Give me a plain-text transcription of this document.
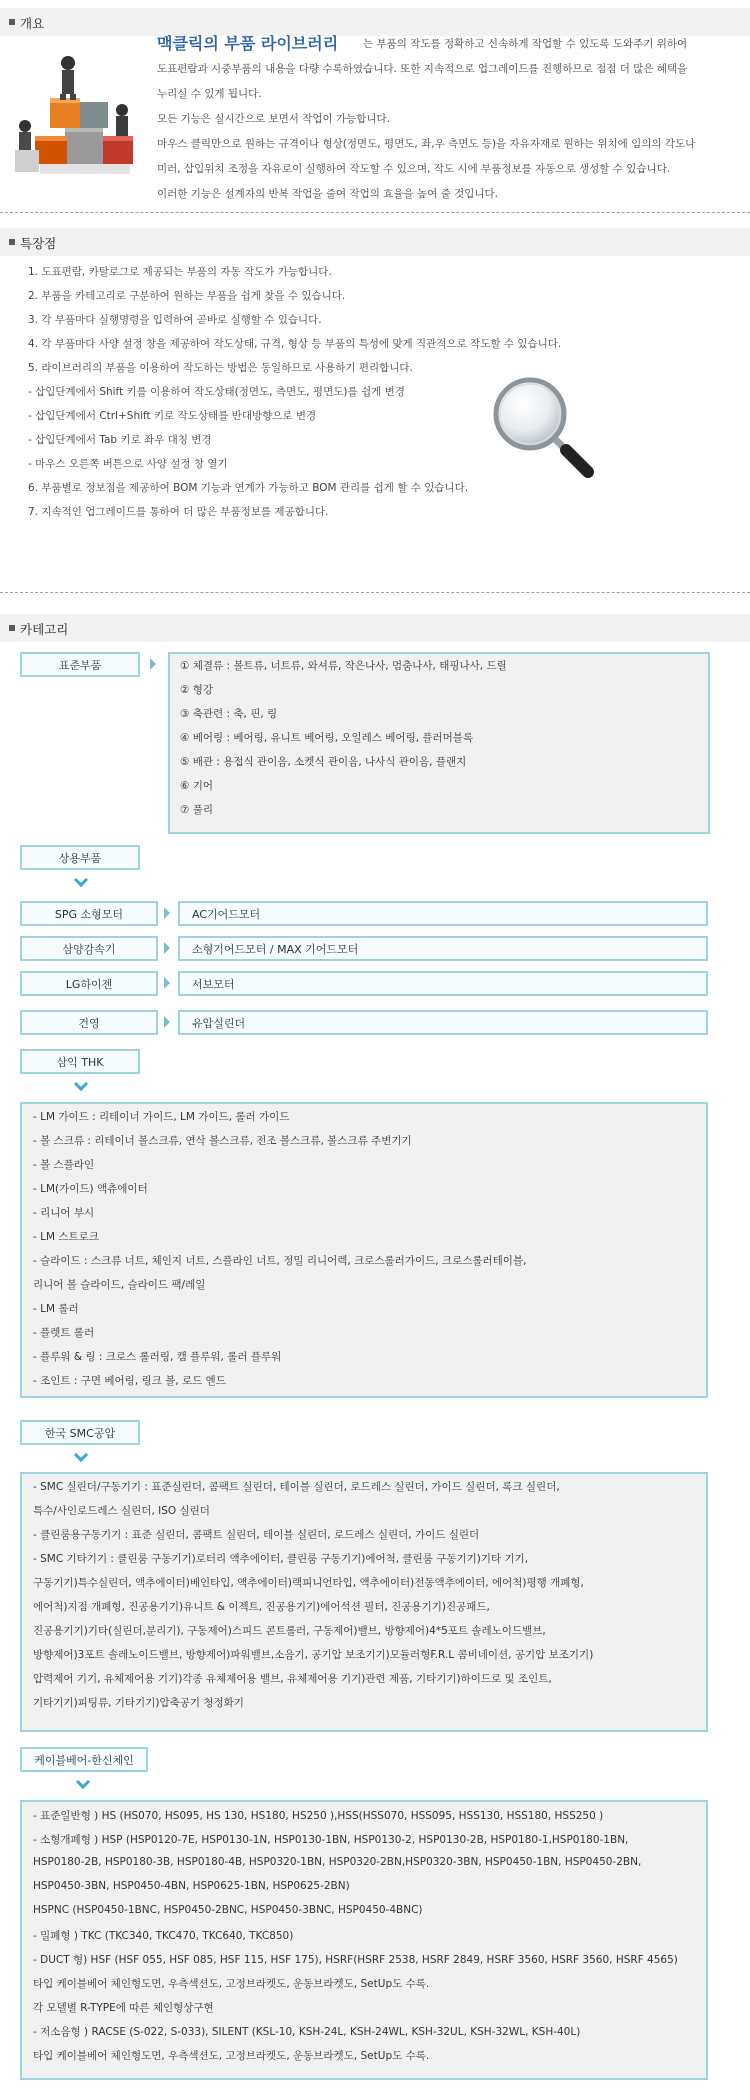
개요
맥클릭의 부품 라이브러리 는 부품의 작도를 정확하고 신속하게 작업할 수 있도록 도와주기 위하여
도표편람과 시중부품의 내용을 다량 수록하였습니다. 또한 지속적으로 업그레이드를 진행하므로 점점 더 많은 혜택을
누리실 수 있게 됩니다.
모든 기능은 실시간으로 보면서 작업이 가능합니다.
마우스 클릭만으로 원하는 규격이나 형상(정면도, 평면도, 좌,우 측면도 등)을 자유자재로 원하는 위치에 임의의 각도나
미러, 삽입위치 조정을 자유로이 실행하여 작도할 수 있으며, 작도 시에 부품정보를 자동으로 생성할 수 있습니다.
이러한 기능은 설계자의 반복 작업을 줄여 작업의 효율을 높여 줄 것입니다.
특장점
1. 도표편람, 카탈로그로 제공되는 부품의 자동 작도가 가능합니다.
2. 부품을 카테고리로 구분하여 원하는 부품을 쉽게 찾을 수 있습니다.
3. 각 부품마다 실행명령을 입력하여 곧바로 실행할 수 있습니다.
4. 각 부품마다 사양 설정 창을 제공하여 작도상태, 규격, 형상 등 부품의 특성에 맞게 직관적으로 작도할 수 있습니다.
5. 라이브러리의 부품을 이용하여 작도하는 방법은 동일하므로 사용하기 편리합니다.
- 삽입단계에서 Shift 키를 이용하여 작도상태(정면도, 측면도, 평면도)를 쉽게 변경
- 삽입단계에서 Ctrl+Shift 키로 작도상태를 반대방향으로 변경
- 삽입단계에서 Tab 키로 좌우 대칭 변경
- 마우스 오른쪽 버튼으로 사양 설정 창 열기
6. 부품별로 정보점을 제공하여 BOM 기능과 연계가 가능하고 BOM 관리를 쉽게 할 수 있습니다.
7. 지속적인 업그레이드를 통하여 더 많은 부품정보를 제공합니다.
카테고리
표준부품	① 체결류 : 볼트류, 너트류, 와셔류, 작은나사, 멈춤나사, 태핑나사, 드릴
② 형강
③ 축관련 : 축, 핀, 링
④ 베어링 : 베어링, 유니트 베어링, 오일레스 베어링, 플러머블록
⑤ 배관 : 용접식 관이음, 소켓식 관이음, 나사식 관이음, 플랜지
⑥ 기어
⑦ 풀리
상용부품
SPG 소형모터	AC기어드모터
삼양감속기	소형기어드모터 / MAX 기어드모터
LG하이젠	서보모터
건영	유압실린더
삼익 THK
- LM 가이드 : 리테이너 가이드, LM 가이드, 롤러 가이드
- 볼 스크류 : 리테이너 볼스크류, 연삭 볼스크류, 전조 볼스크류, 볼스크류 주변기기
- 볼 스플라인
- LM(가이드) 액츄에이터
- 리니어 부시
- LM 스트로크
- 슬라이드 : 스크류 너트, 체인지 너트, 스플라인 너트, 정밀 리니어렉, 크로스롤러가이드, 크로스롤러테이블,
리니어 볼 슬라이드, 슬라이드 팩/레일
- LM 롤러
- 플렛트 롤러
- 플루워 & 링 : 크로스 롤러링, 캠 플루워, 롤러 플루워
- 조인트 : 구면 베어링, 링크 볼, 로드 엔드
한국 SMC공압
- SMC 실린더/구동기기 : 표준실린더, 콤팩트 실린더, 테이블 실린더, 로드레스 실린더, 가이드 실린더, 록크 실린더,
특수/사인로드레스 실린더, ISO 실린더
- 클린룸용구동기기 : 표준 실린더, 콤팩트 실린더, 테이블 실린더, 로드레스 실린더, 가이드 실린더
- SMC 기타기기 : 클린룸 구동기기)로터리 액추에이터, 클린룸 구동기기)에어척, 클린룸 구동기기)기타 기기,
구동기기)특수실린더, 액추에이터)베인타입, 액추에이터)랙피니언타입, 액추에이터)전동액추에이터, 에어척)평행 개폐형,
에어척)지점 개폐형, 진공용기기)유니트 & 이젝트, 진공용기기)에어석션 필터, 진공용기기)진공패드,
진공용기기)기타(실린더,분리기), 구동제어)스피드 콘트롤러, 구동제어)밸브, 방향제어)4*5포트 솔레노이드밸브,
방향제어)3포트 솔레노이드밸브, 방향제어)파워밸브,소음기, 공기압 보조기기)모듈러형F.R.L 콤비네이션, 공기압 보조기기)
압력제어 기기, 유체제어용 기기)각종 유체제어용 밸브, 유체제어용 기기)관련 제품, 기타기기)하이드로 및 조인트,
기타기기)피팅류, 기타기기)압축공기 청정화기
케이블베어-한신체인
- 표준일반형 ) HS (HS070, HS095, HS 130, HS180, HS250 ),HSS(HSS070, HSS095, HSS130, HSS180, HSS250 )
- 소형개폐형 ) HSP (HSP0120-7E, HSP0130-1N, HSP0130-1BN, HSP0130-2, HSP0130-2B, HSP0180-1,HSP0180-1BN,
HSP0180-2B, HSP0180-3B, HSP0180-4B, HSP0320-1BN, HSP0320-2BN,HSP0320-3BN, HSP0450-1BN, HSP0450-2BN,
HSP0450-3BN, HSP0450-4BN, HSP0625-1BN, HSP0625-2BN)
HSPNC (HSP0450-1BNC, HSP0450-2BNC, HSP0450-3BNC, HSP0450-4BNC)
- 밀폐형 ) TKC (TKC340, TKC470, TKC640, TKC850)
- DUCT 형) HSF (HSF 055, HSF 085, HSF 115, HSF 175), HSRF(HSRF 2538, HSRF 2849, HSRF 3560, HSRF 3560, HSRF 4565)
타입 케이블베어 체인형도면, 우측섹션도, 고정브라켓도, 운동브라켓도, SetUp도 수록.
각 모델별 R-TYPE에 따른 체인형상구현
- 저소음형 ) RACSE (S-022, S-033), SILENT (KSL-10, KSH-24L, KSH-24WL, KSH-32UL, KSH-32WL, KSH-40L)
타입 케이블베어 체인형도면, 우측섹션도, 고정브라켓도, 운동브라켓도, SetUp도 수록.
